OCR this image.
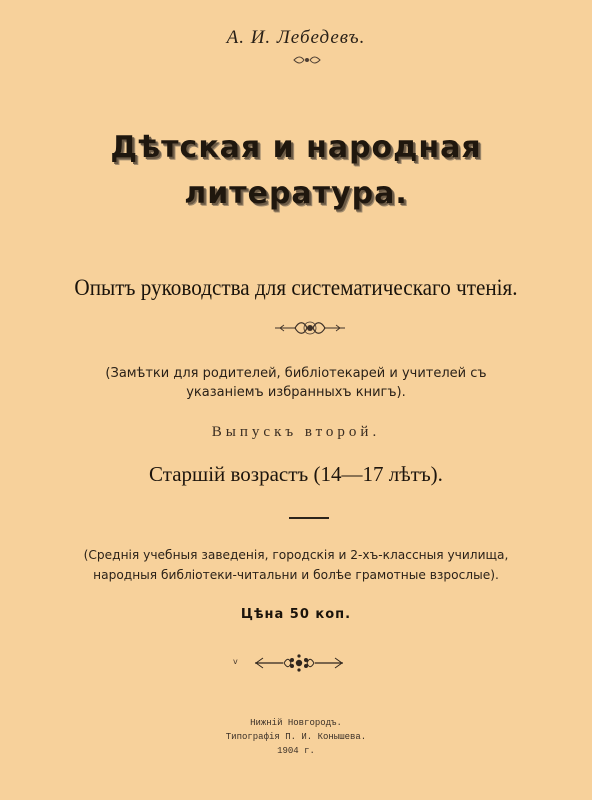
А. И. Лебедевъ.
Дѣтская и народная
литература.
Опытъ руководства для систематическаго чтенія.
(Замѣтки для родителей, библіотекарей и учителей съ
указаніемъ избранныхъ книгъ).
Выпускъ второй.
Старшій возрастъ (14—17 лѣтъ).
(Среднія учебныя заведенія, городскія и 2-хъ-классныя училища,
народныя библіотеки-читальни и болѣе грамотные взрослые).
Цѣна 50 коп.
v
Нижній Новгородъ.
Типографія П. И. Конышева.
1904 г.
